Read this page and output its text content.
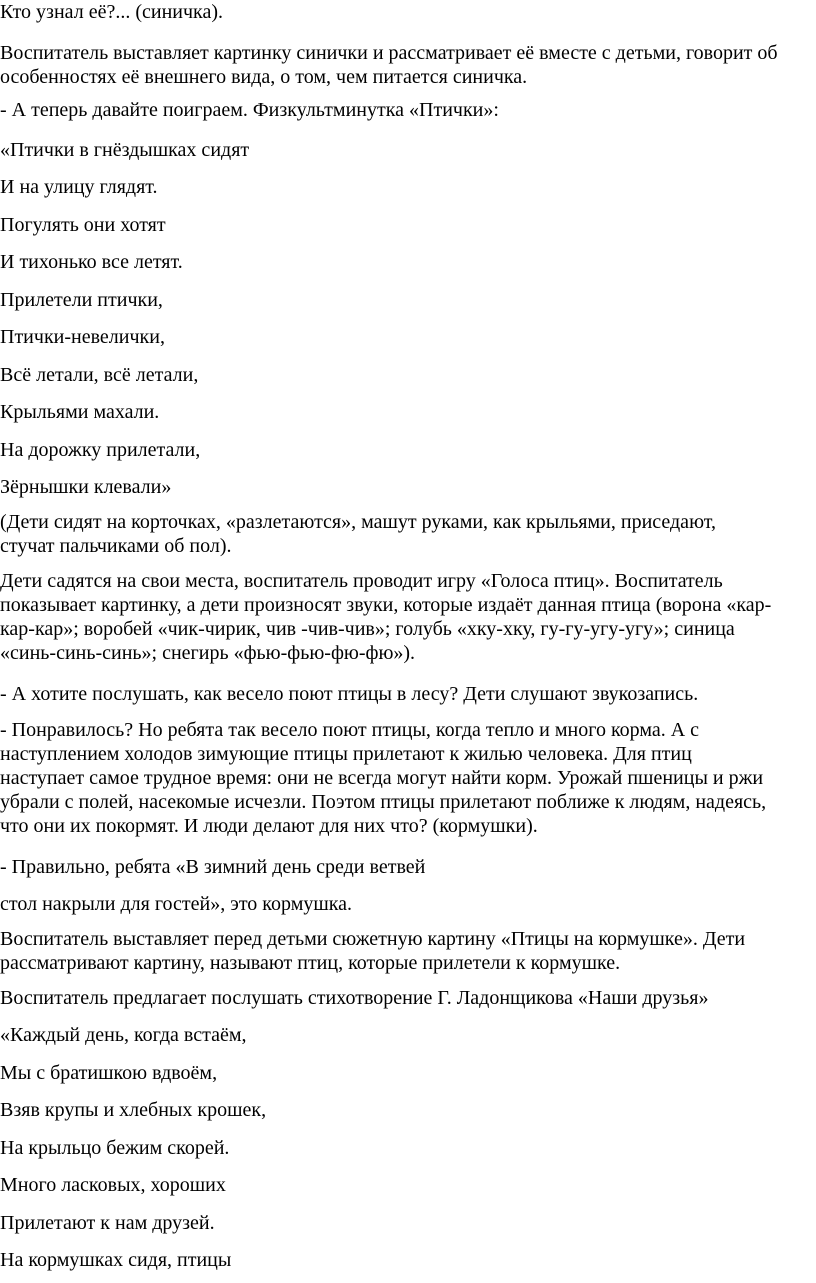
Кто узнал её?... (синичка).
Воспитатель выставляет картинку синички и рассматривает её вместе с детьми, говорит об
особенностях её внешнего вида, о том, чем питается синичка.
- А теперь давайте поиграем. Физкультминутка «Птички»:
«Птички в гнёздышках сидят
И на улицу глядят.
Погулять они хотят
И тихонько все летят.
Прилетели птички,
Птички-невелички,
Всё летали, всё летали,
Крыльями махали.
На дорожку прилетали,
Зёрнышки клевали»
(Дети сидят на корточках, «разлетаются», машут руками, как крыльями, приседают,
стучат пальчиками об пол).
Дети садятся на свои места, воспитатель проводит игру «Голоса птиц». Воспитатель
показывает картинку, а дети произносят звуки, которые издаёт данная птица (ворона «кар-
кар-кар»; воробей «чик-чирик, чив -чив-чив»; голубь «хку-хку, гу-гу-угу-угу»; синица
«синь-синь-синь»; снегирь «фью-фью-фю-фю»).
- А хотите послушать, как весело поют птицы в лесу? Дети слушают звукозапись.
- Понравилось? Но ребята так весело поют птицы, когда тепло и много корма. А с
наступлением холодов зимующие птицы прилетают к жилью человека. Для птиц
наступает самое трудное время: они не всегда могут найти корм. Урожай пшеницы и ржи
убрали с полей, насекомые исчезли. Поэтом птицы прилетают поближе к людям, надеясь,
что они их покормят. И люди делают для них что? (кормушки).
- Правильно, ребята «В зимний день среди ветвей
стол накрыли для гостей», это кормушка.
Воспитатель выставляет перед детьми сюжетную картину «Птицы на кормушке». Дети
рассматривают картину, называют птиц, которые прилетели к кормушке.
Воспитатель предлагает послушать стихотворение Г. Ладонщикова «Наши друзья»
«Каждый день, когда встаём,
Мы с братишкою вдвоём,
Взяв крупы и хлебных крошек,
На крыльцо бежим скорей.
Много ласковых, хороших
Прилетают к нам друзей.
На кормушках сидя, птицы
